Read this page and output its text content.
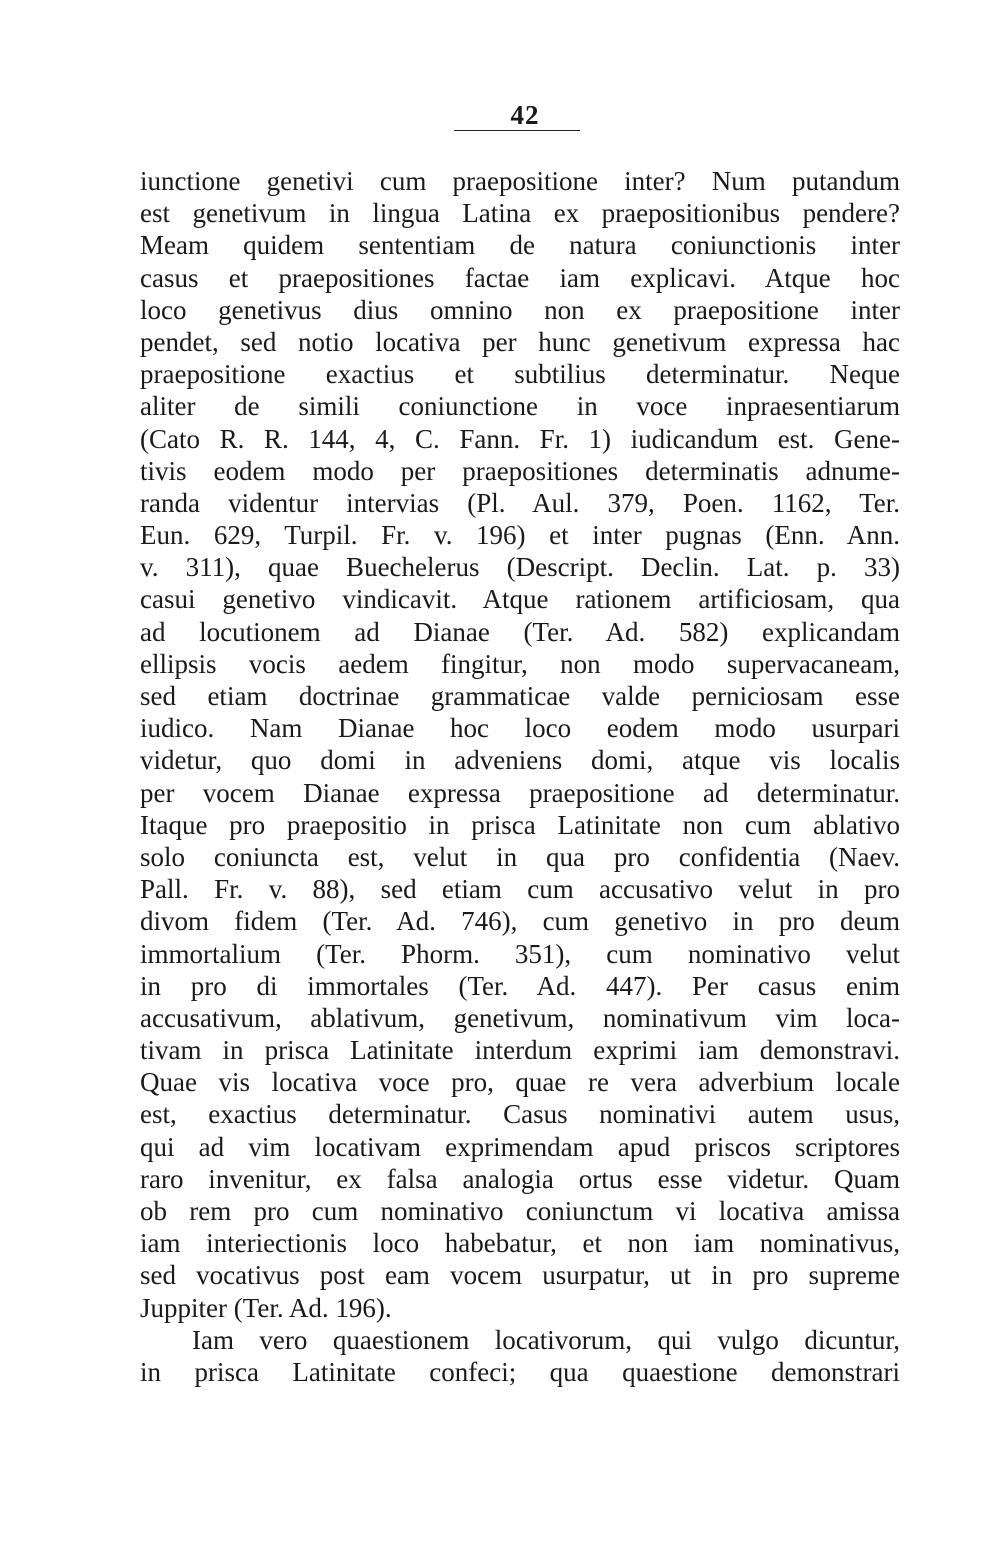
42
iunctione genetivi cum praepositione inter? Num putandum
est genetivum in lingua Latina ex praepositionibus pendere?
Meam quidem sententiam de natura coniunctionis inter
casus et praepositiones factae iam explicavi. Atque hoc
loco genetivus dius omnino non ex praepositione inter
pendet, sed notio locativa per hunc genetivum expressa hac
praepositione exactius et subtilius determinatur. Neque
aliter de simili coniunctione in voce inpraesentiarum
(Cato R. R. 144, 4, C. Fann. Fr. 1) iudicandum est. Gene-
tivis eodem modo per praepositiones determinatis adnume-
randa videntur intervias (Pl. Aul. 379, Poen. 1162, Ter.
Eun. 629, Turpil. Fr. v. 196) et inter pugnas (Enn. Ann.
v. 311), quae Buechelerus (Descript. Declin. Lat. p. 33)
casui genetivo vindicavit. Atque rationem artificiosam, qua
ad locutionem ad Dianae (Ter. Ad. 582) explicandam
ellipsis vocis aedem fingitur, non modo supervacaneam,
sed etiam doctrinae grammaticae valde perniciosam esse
iudico. Nam Dianae hoc loco eodem modo usurpari
videtur, quo domi in adveniens domi, atque vis localis
per vocem Dianae expressa praepositione ad determinatur.
Itaque pro praepositio in prisca Latinitate non cum ablativo
solo coniuncta est, velut in qua pro confidentia (Naev.
Pall. Fr. v. 88), sed etiam cum accusativo velut in pro
divom fidem (Ter. Ad. 746), cum genetivo in pro deum
immortalium (Ter. Phorm. 351), cum nominativo velut
in pro di immortales (Ter. Ad. 447). Per casus enim
accusativum, ablativum, genetivum, nominativum vim loca-
tivam in prisca Latinitate interdum exprimi iam demonstravi.
Quae vis locativa voce pro, quae re vera adverbium locale
est, exactius determinatur. Casus nominativi autem usus,
qui ad vim locativam exprimendam apud priscos scriptores
raro invenitur, ex falsa analogia ortus esse videtur. Quam
ob rem pro cum nominativo coniunctum vi locativa amissa
iam interiectionis loco habebatur, et non iam nominativus,
sed vocativus post eam vocem usurpatur, ut in pro supreme
Juppiter (Ter. Ad. 196).
Iam vero quaestionem locativorum, qui vulgo dicuntur,
in prisca Latinitate confeci; qua quaestione demonstrari
